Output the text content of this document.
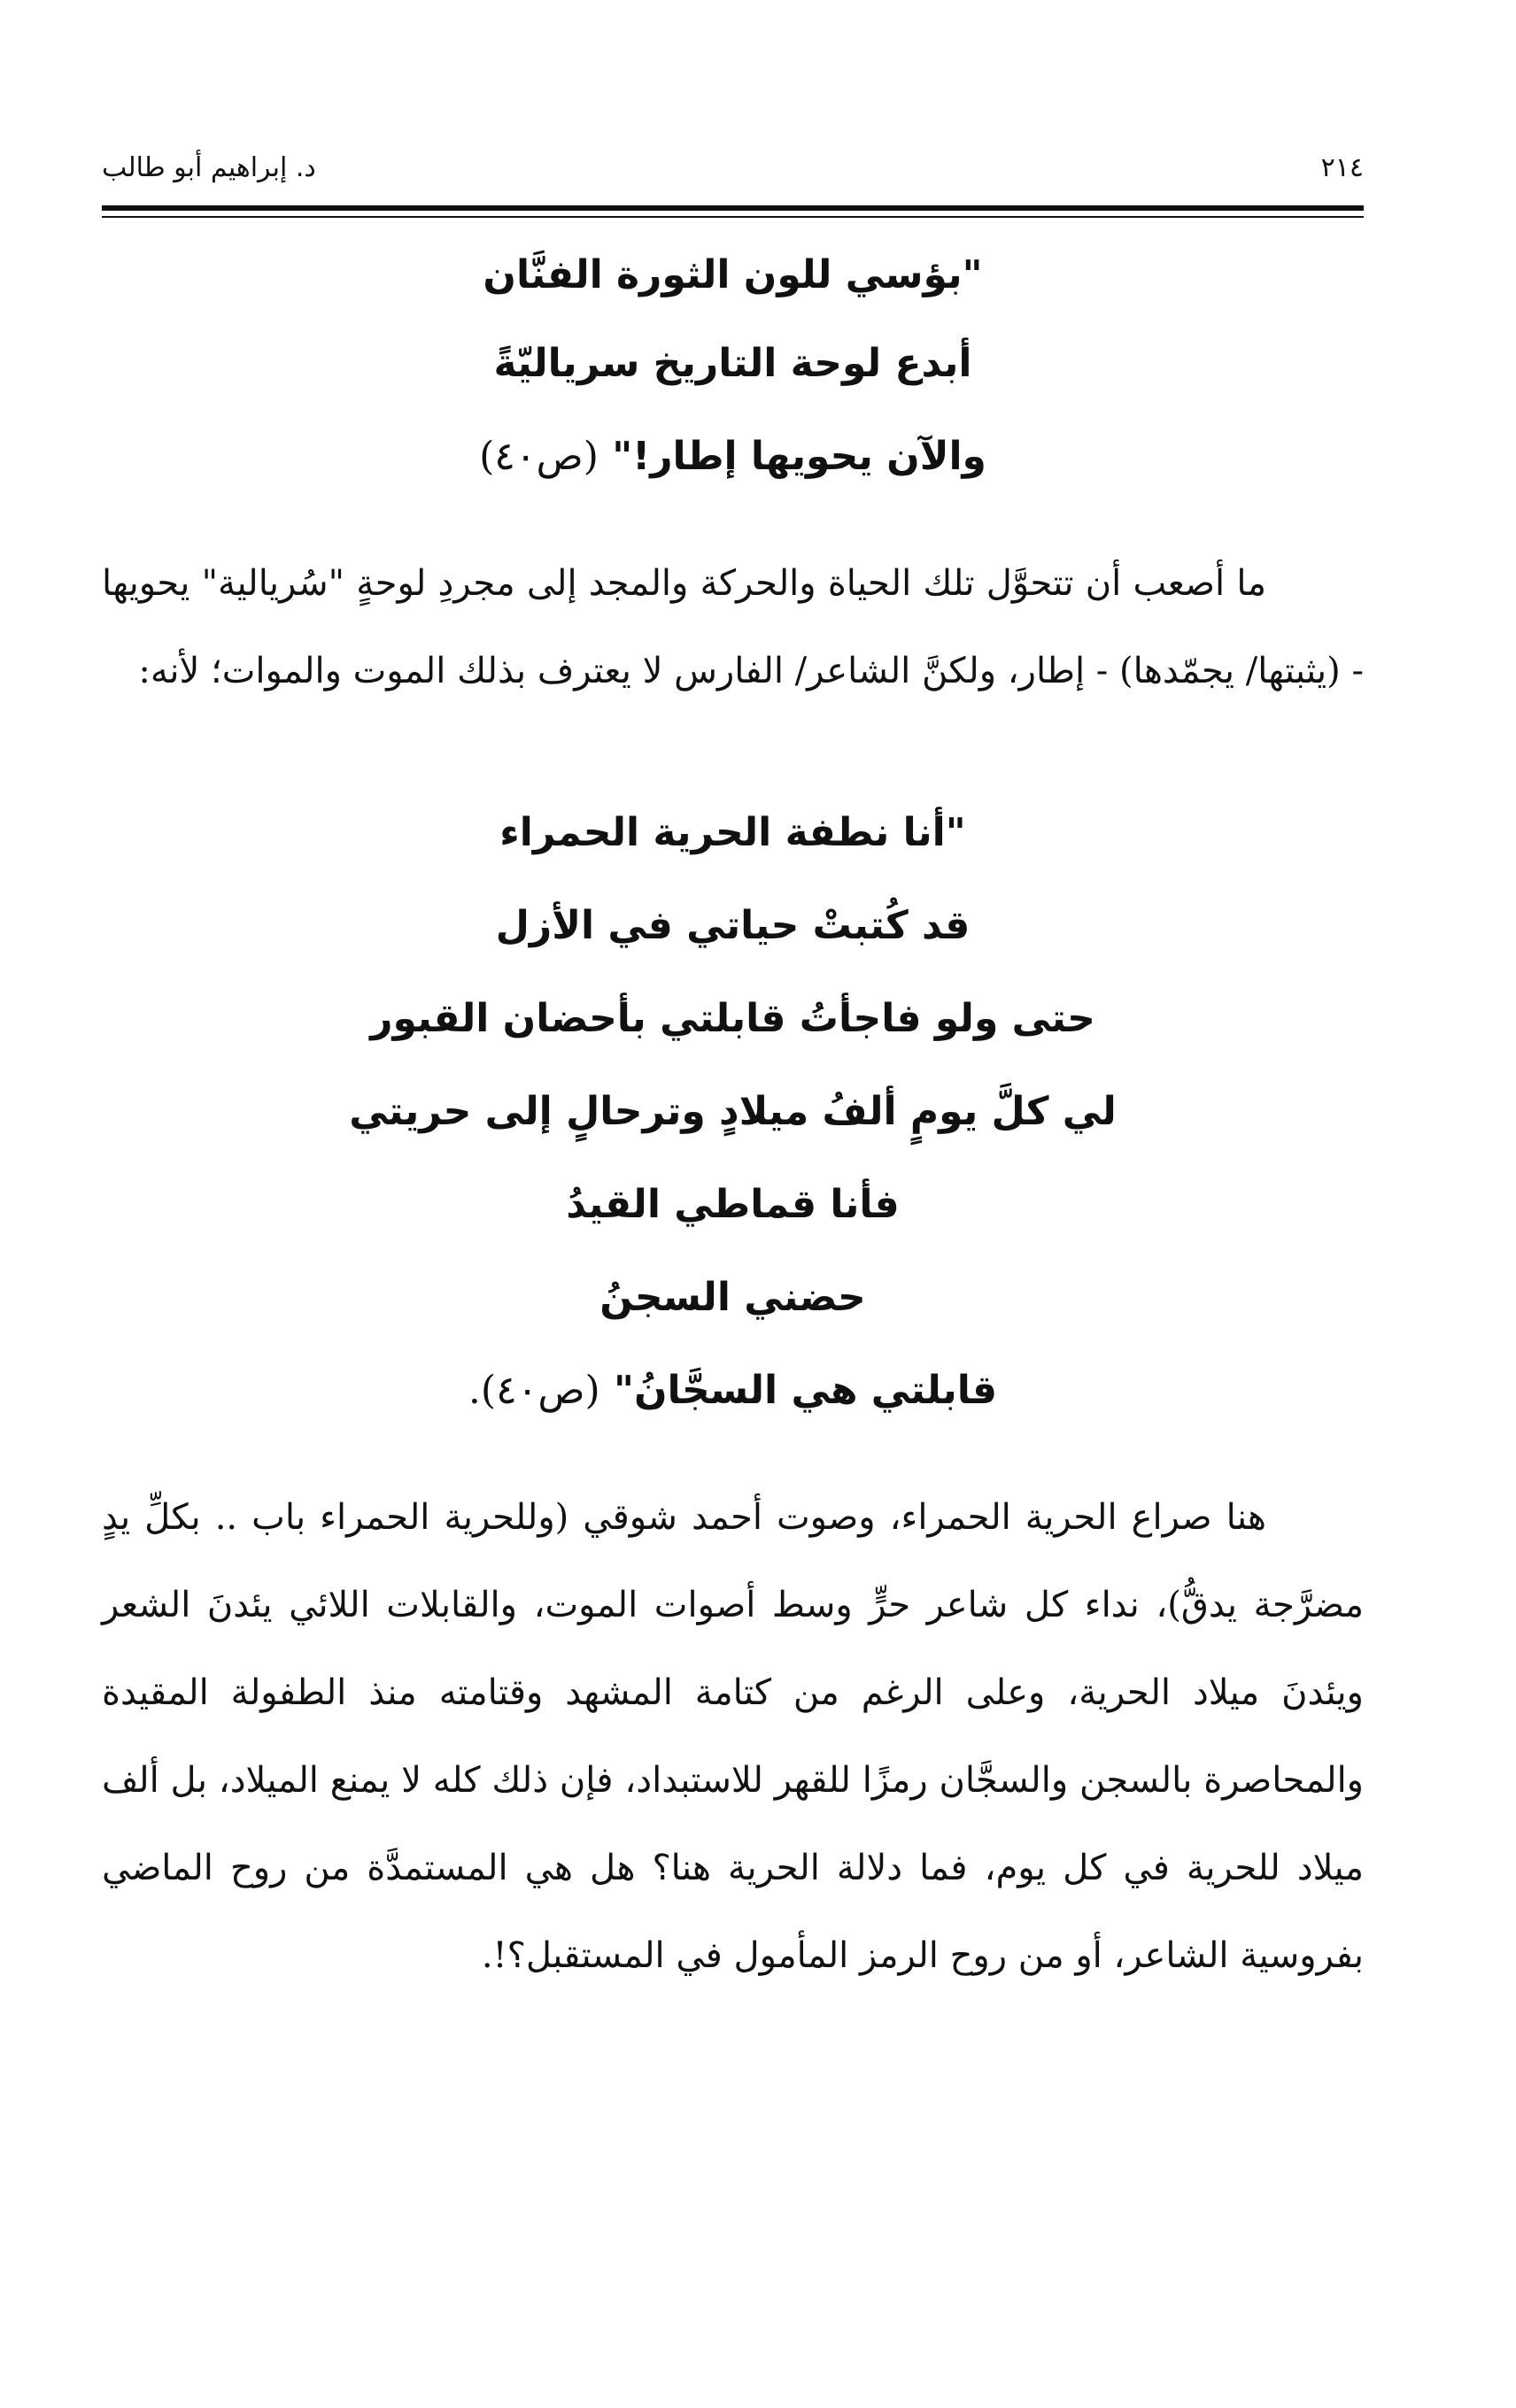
٢١٤
د. إبراهيم أبو طالب
"بؤسي للون الثورة الفنَّان
أبدع لوحة التاريخ سرياليّةً
والآن يحويها إطار!" (ص٤٠)
ما أصعب أن تتحوَّل تلك الحياة والحركة والمجد إلى مجردِ لوحةٍ "سُريالية" يحويها - (يثبتها/ يجمّدها) - إطار، ولكنَّ الشاعر/ الفارس لا يعترف بذلك الموت والموات؛ لأنه:
"أنا نطفة الحرية الحمراء
قد كُتبتْ حياتي في الأزل
حتى ولو فاجأتُ قابلتي بأحضان القبور
لي كلَّ يومٍ ألفُ ميلادٍ وترحالٍ إلى حريتي
فأنا قماطي القيدُ
حضني السجنُ
قابلتي هي السجَّانُ" (ص٤٠).
هنا صراع الحرية الحمراء، وصوت أحمد شوقي (وللحرية الحمراء باب .. بكلِّ يدٍ مضرَّجة يدقُّ)، نداء كل شاعر حرٍّ وسط أصوات الموت، والقابلات اللائي يئدنَ الشعر ويئدنَ ميلاد الحرية، وعلى الرغم من كتامة المشهد وقتامته منذ الطفولة المقيدة والمحاصرة بالسجن والسجَّان رمزًا للقهر للاستبداد، فإن ذلك كله لا يمنع الميلاد، بل ألف ميلاد للحرية في كل يوم، فما دلالة الحرية هنا؟ هل هي المستمدَّة من روح الماضي بفروسية الشاعر، أو من روح الرمز المأمول في المستقبل؟!.
